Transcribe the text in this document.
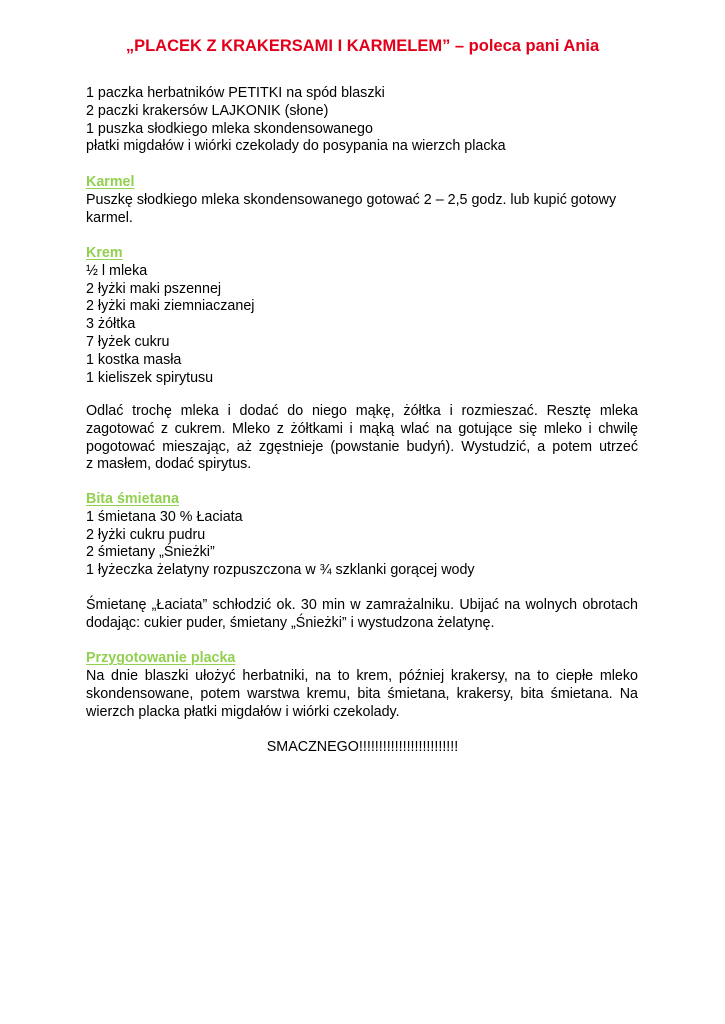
„PLACEK Z KRAKERSAMI I KARMELEM” – poleca pani Ania
1 paczka herbatników PETITKI na spód blaszki
2 paczki krakersów LAJKONIK (słone)
1 puszka słodkiego mleka skondensowanego
płatki migdałów i wiórki czekolady do posypania na wierzch placka
Karmel
Puszkę słodkiego mleka skondensowanego gotować 2 – 2,5 godz. lub kupić gotowy
karmel.
Krem
½ l mleka
2 łyżki maki pszennej
2 łyżki maki ziemniaczanej
3 żółtka
7 łyżek cukru
1 kostka masła
1 kieliszek spirytusu
Odlać trochę mleka i dodać do niego mąkę, żółtka i rozmieszać. Resztę mleka
zagotować z cukrem. Mleko z żółtkami i mąką wlać na gotujące się mleko i chwilę
pogotować mieszając, aż zgęstnieje (powstanie budyń). Wystudzić, a potem utrzeć
z masłem, dodać spirytus.
Bita śmietana
1 śmietana 30 % Łaciata
2 łyżki cukru pudru
2 śmietany „Śnieżki”
1 łyżeczka żelatyny rozpuszczona w ¾ szklanki gorącej wody
Śmietanę „Łaciata” schłodzić ok. 30 min w zamrażalniku. Ubijać na wolnych obrotach
dodając: cukier puder, śmietany „Śnieżki” i wystudzona żelatynę.
Przygotowanie placka
Na dnie blaszki ułożyć herbatniki, na to krem, później krakersy, na to ciepłe mleko
skondensowane, potem warstwa kremu, bita śmietana, krakersy, bita śmietana. Na
wierzch placka płatki migdałów i wiórki czekolady.
SMACZNEGO!!!!!!!!!!!!!!!!!!!!!!!!!
